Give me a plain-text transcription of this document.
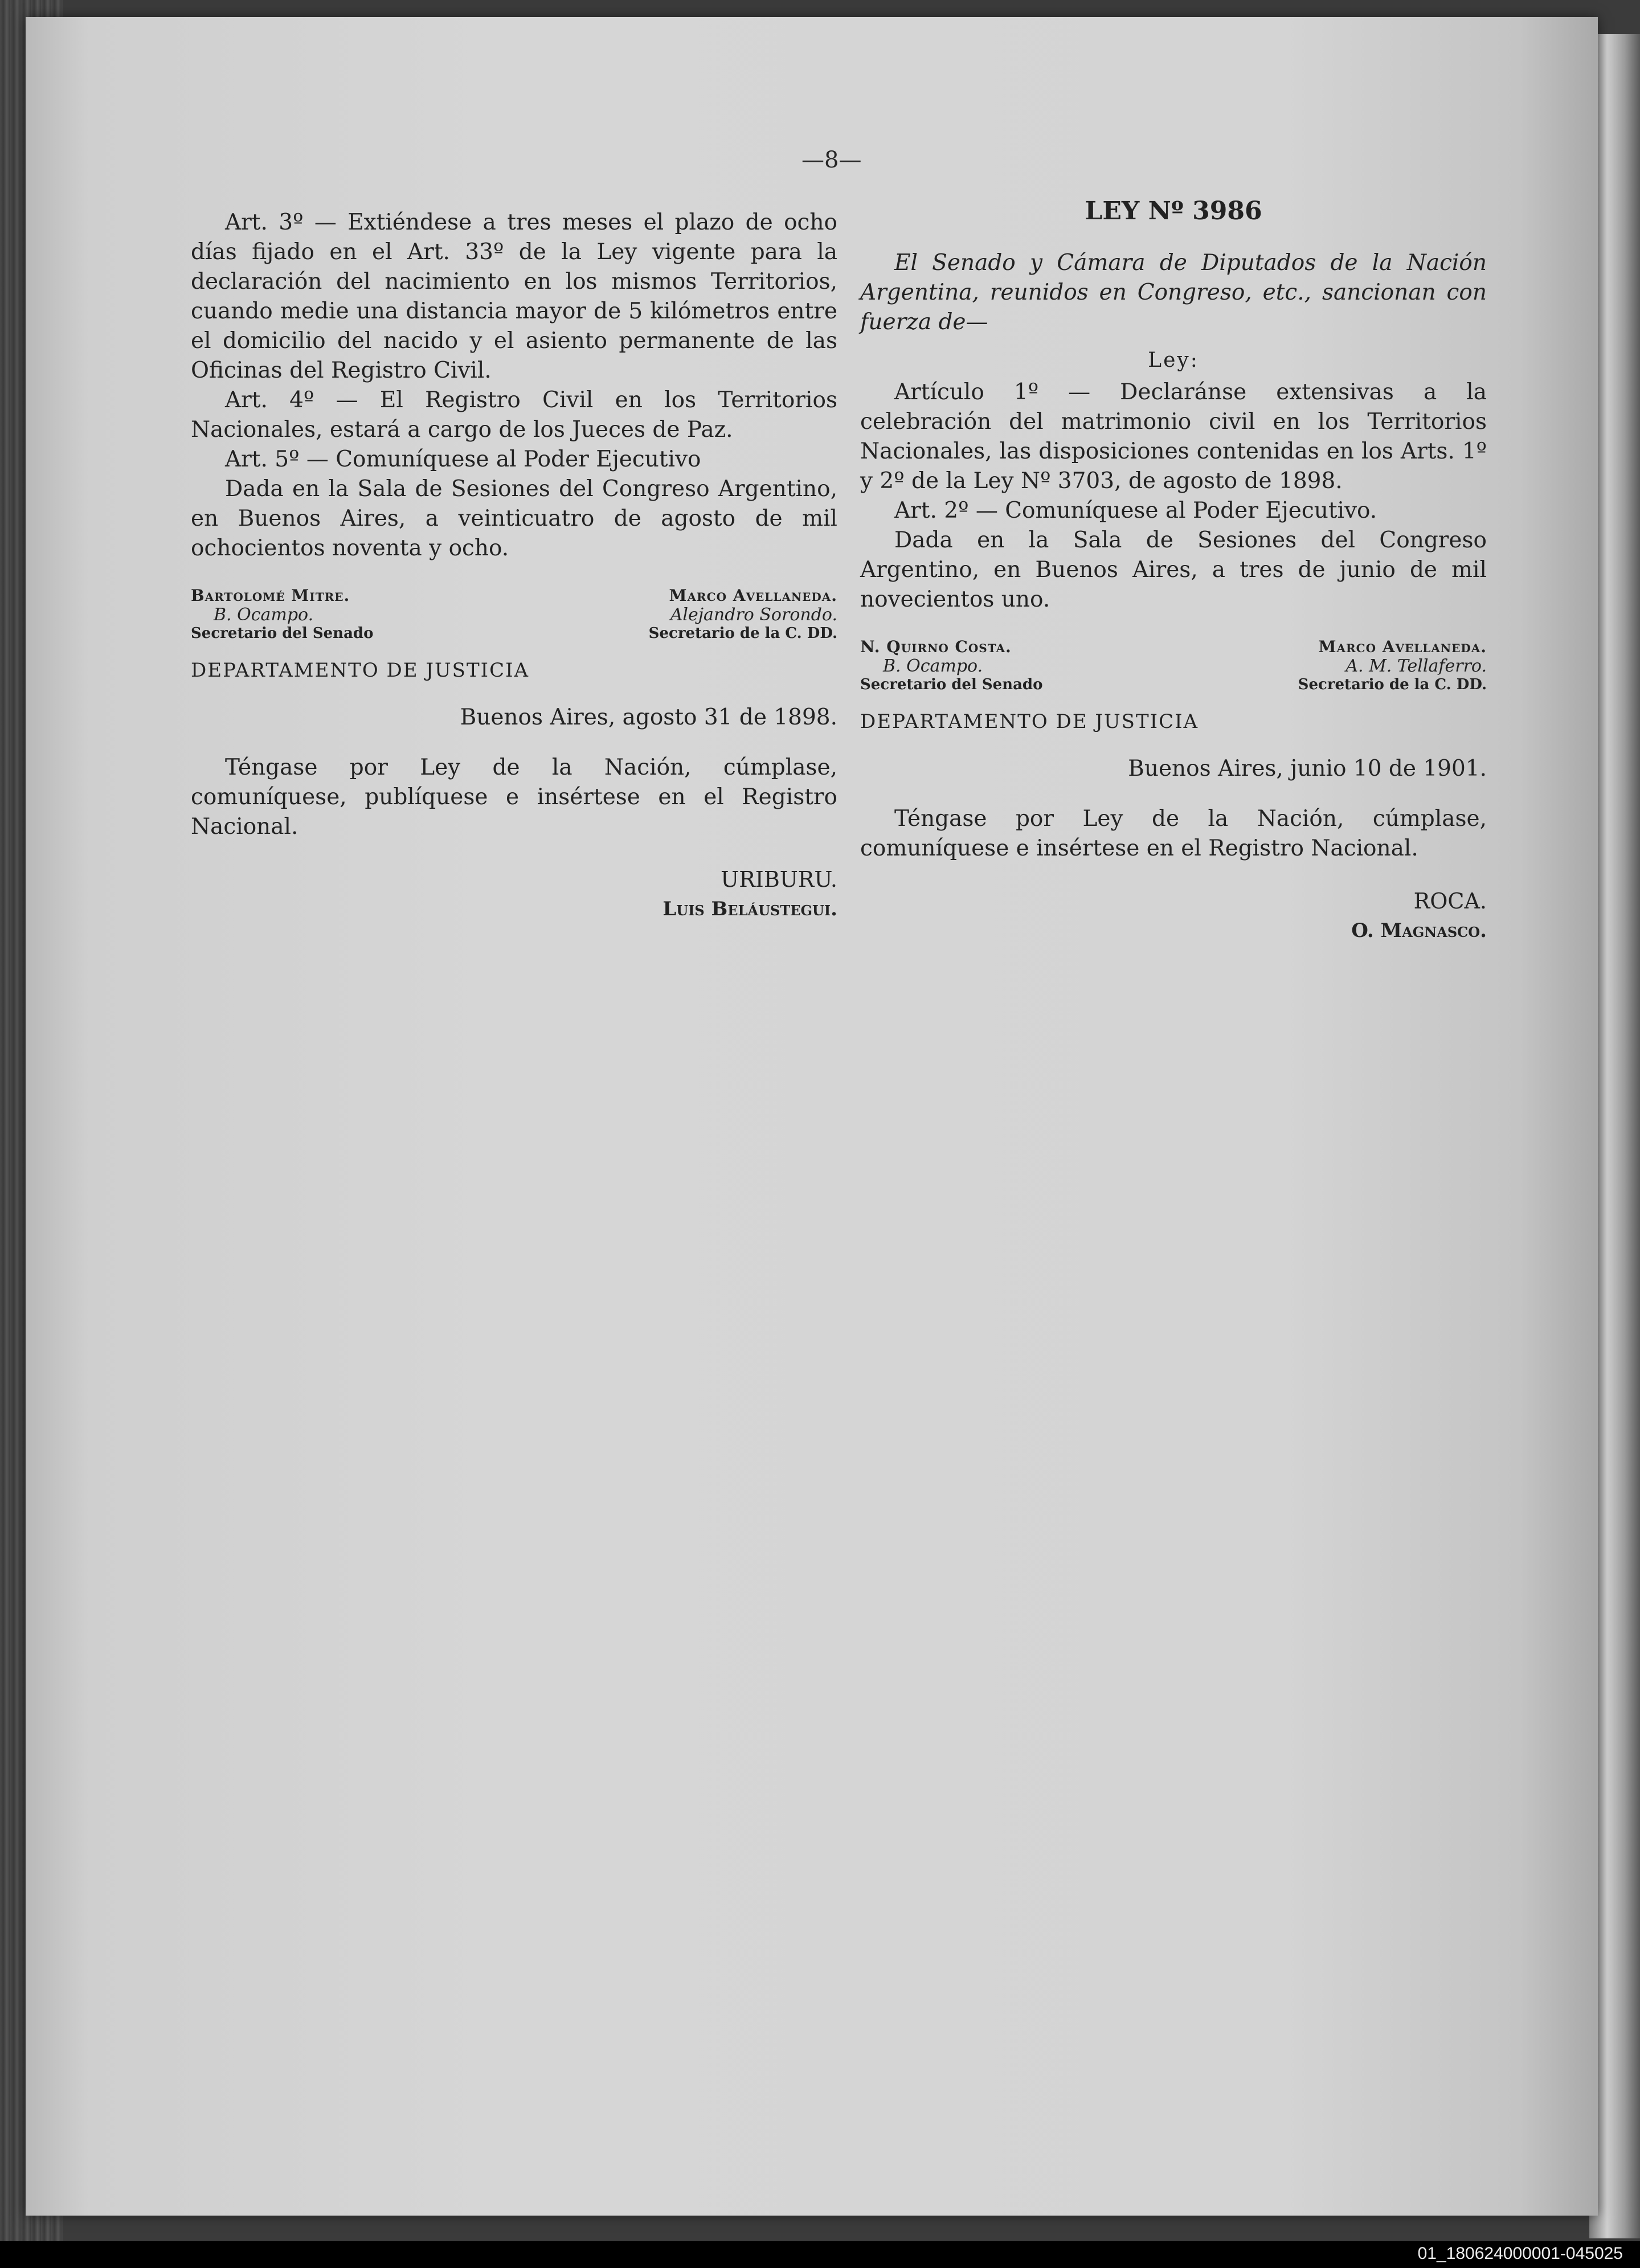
—8—

Art. 3º — Extiéndese a tres meses el plazo de ocho días fijado en el Art. 33º de la Ley vigente para la declaración del nacimiento en los mismos Territorios, cuando medie una distancia mayor de 5 kilómetros entre el domicilio del nacido y el asiento permanente de las Oficinas del Registro Civil.

Art. 4º — El Registro Civil en los Territorios Nacionales, estará a cargo de los Jueces de Paz.

Art. 5º — Comuníquese al Poder Ejecutivo

Dada en la Sala de Sesiones del Congreso Argentino, en Buenos Aires, a veinticuatro de agosto de mil ochocientos noventa y ocho.

Bartolomé Mitre.
B. Ocampo.
Secretario del Senado
Marco Avellaneda.
Alejandro Sorondo.
Secretario de la C. DD.
DEPARTAMENTO DE JUSTICIA
Buenos Aires, agosto 31 de 1898.

Téngase por Ley de la Nación, cúmplase, comuníquese, publíquese e insértese en el Registro Nacional.

URIBURU.
Luis Beláustegui.
LEY Nº 3986

El Senado y Cámara de Diputados de la Nación Argentina, reunidos en Congreso, etc., sancionan con fuerza de—

Ley:

Artículo 1º — Declaránse extensivas a la celebración del matrimonio civil en los Territorios Nacionales, las disposiciones contenidas en los Arts. 1º y 2º de la Ley Nº 3703, de agosto de 1898.

Art. 2º — Comuníquese al Poder Ejecutivo.

Dada en la Sala de Sesiones del Congreso Argentino, en Buenos Aires, a tres de junio de mil novecientos uno.

N. Quirno Costa.
B. Ocampo.
Secretario del Senado
Marco Avellaneda.
A. M. Tellaferro.
Secretario de la C. DD.
DEPARTAMENTO DE JUSTICIA
Buenos Aires, junio 10 de 1901.

Téngase por Ley de la Nación, cúmplase, comuníquese e insértese en el Registro Nacional.

ROCA.
O. Magnasco.
01_180624000001-045025
